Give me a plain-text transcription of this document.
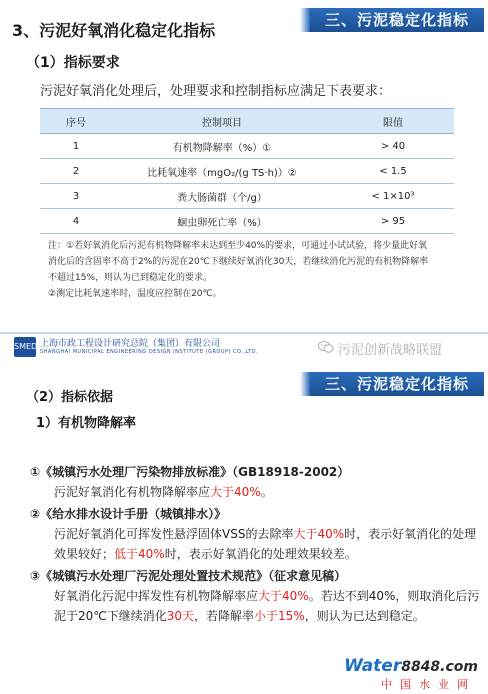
三、污泥稳定化指标
3、污泥好氧消化稳定化指标
（1）指标要求
污泥好氧消化处理后，处理要求和控制指标应满足下表要求：
序号	控制项目	限值
1	有机物降解率（%）①	> 40
2	比耗氧速率（mgO₂/(g TS·h)）②	< 1.5
3	粪大肠菌群（个/g）	< 1×10³
4	蛔虫卵死亡率（%）	> 95

注：①若好氧消化后污泥有机物降解率未达到至少40%的要求，可通过小试试验，将少量此好氧

消化后的含固率不高于2%的污泥在20℃下继续好氧消化30天，若继续消化污泥的有机物降解率

不超过15%，则认为已到稳定化的要求。

②测定比耗氧速率时，温度应控制在20℃。

SMEDI 上海市政工程设计研究总院（集团）有限公司
SHANGHAI MUNICIPAL ENGINEERING DESIGN INSTITUTE (GROUP) CO.,LTD.	污泥创新战略联盟
三、污泥稳定化指标
（2）指标依据
1）有机物降解率
①《城镇污水处理厂污染物排放标准》（GB18918-2002）
污泥好氧消化有机物降解率应大于40%。
②《给水排水设计手册（城镇排水）》
污泥好氧消化可挥发性悬浮固体VSS的去除率大于40%时，表示好氧消化的处理效果较好；低于40%时，表示好氧消化的处理效果较差。
③《城镇污水处理厂污泥处理处置技术规范》（征求意见稿）
好氧消化污泥中挥发性有机物降解率应大于40%。若达不到40%，则取消化后污泥于20℃下继续消化30天，若降解率小于15%，则认为已达到稳定。
Water8848.com
中国水业网
